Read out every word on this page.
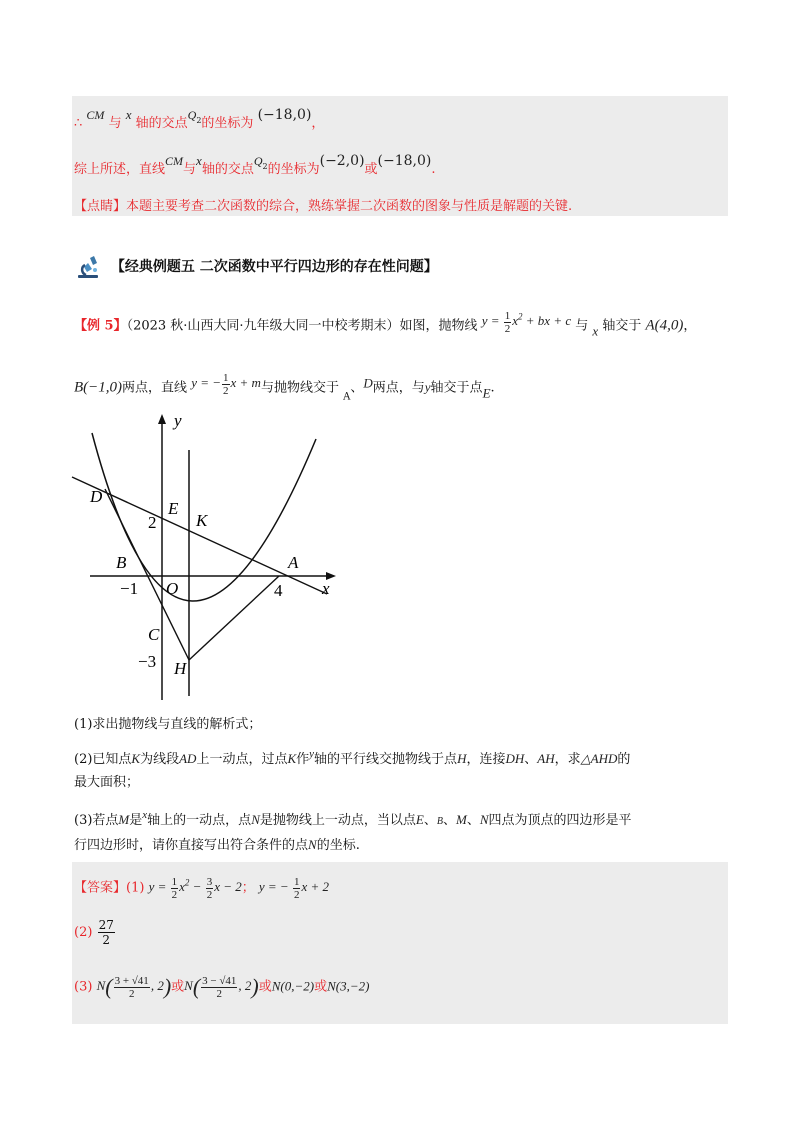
∴ CM 与 x 轴的交点$Q_2$的坐标为 (−18,0)，
综上所述，直线CM与x轴的交点$Q_2$的坐标为(−2,0)或(−18,0).
【点睛】本题主要考查二次函数的综合，熟练掌握二次函数的图象与性质是解题的关键.
【经典例题五 二次函数中平行四边形的存在性问题】
【例 5】（2023 秋·山西大同·九年级大同一中校考期末）如图，抛物线 $y = \frac{1}{2} x^2$ + bx + c 与 x 轴交于 A(4,0)，
B(−1,0)两点，直线 y = − $\frac{1}{2}$ x + m与抛物线交于 $_A$、D两点，与y轴交于点E.
y
D
E
K
2
B
−1 O
A
4 x
C
−3 H
(1)求出抛物线与直线的解析式；
(2)已知点K为线段AD上一动点，过点K作$^y$轴的平行线交抛物线于点H，连接DH、AH，求△AHD的
最大面积；
(3)若点M是$^x$轴上的一动点，点N是抛物线上一动点，当以点E、B、M、N四点为顶点的四边形是平
行四边形时，请你直接写出符合条件的点N的坐标.
【答案】(1) $y = \frac{1}{2} x^2 - \frac{3}{2}$ x − 2； y = − $\frac{1}{2}$ x + 2
$(2) \frac{27}{2}$
(3) $N( \frac{3 + √41}{2}$ , 2)或$N( \frac{3 - √41}{2}$ , 2)或N(0,−2)或N(3,−2)
